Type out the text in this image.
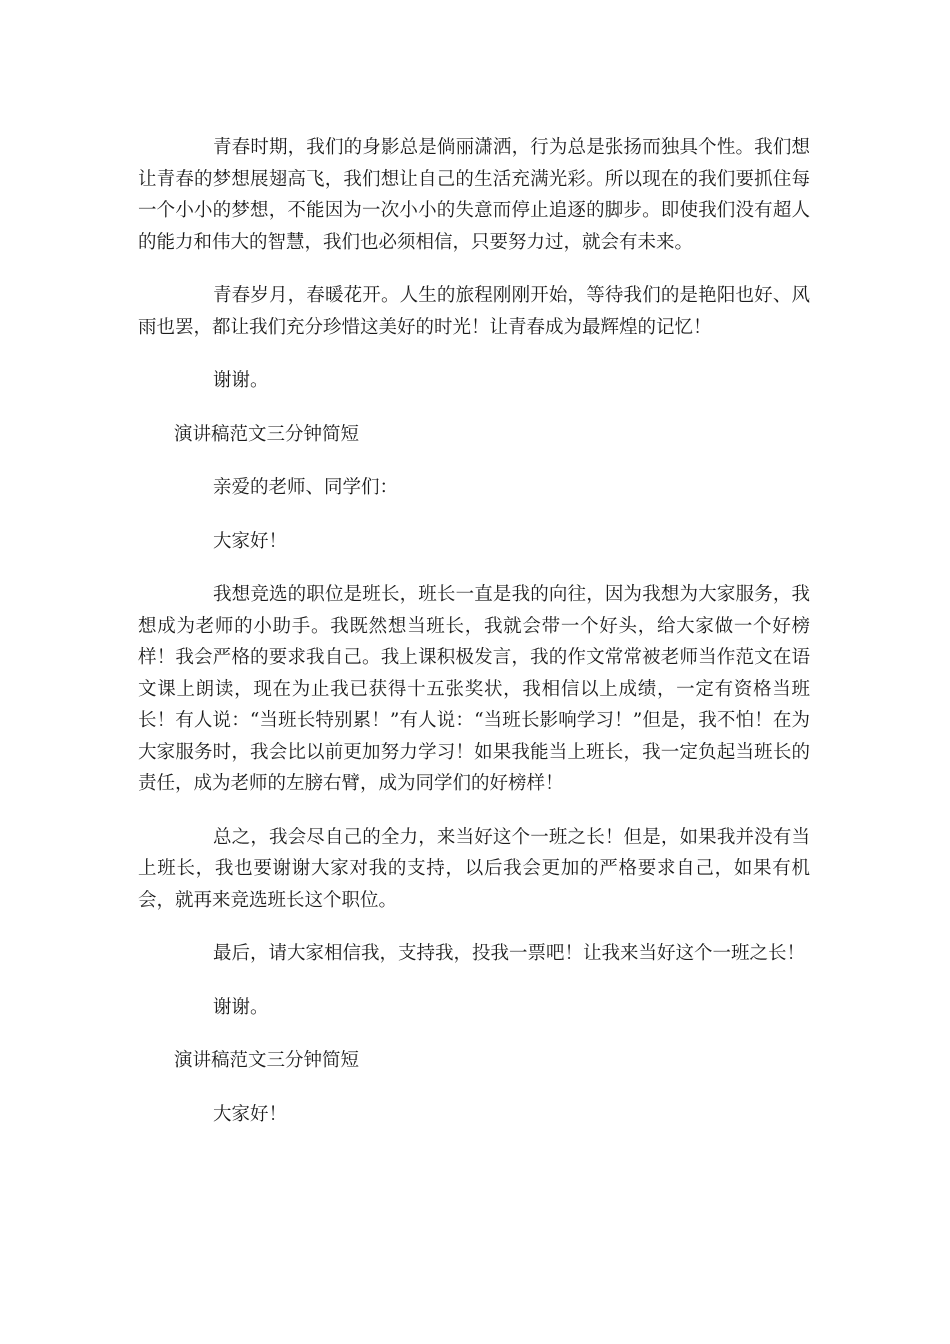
青春时期，我们的身影总是倘丽潇洒，行为总是张扬而独具个性。我们想让青春的梦想展翅高飞，我们想让自己的生活充满光彩。所以现在的我们要抓住每一个小小的梦想，不能因为一次小小的失意而停止追逐的脚步。即使我们没有超人的能力和伟大的智慧，我们也必须相信，只要努力过，就会有未来。

青春岁月，春暖花开。人生的旅程刚刚开始，等待我们的是艳阳也好、风雨也罢，都让我们充分珍惜这美好的时光！让青春成为最辉煌的记忆！

谢谢。

演讲稿范文三分钟简短

亲爱的老师、同学们：

大家好！

我想竞选的职位是班长，班长一直是我的向往，因为我想为大家服务，我想成为老师的小助手。我既然想当班长，我就会带一个好头，给大家做一个好榜样！我会严格的要求我自己。我上课积极发言，我的作文常常被老师当作范文在语文课上朗读，现在为止我已获得十五张奖状，我相信以上成绩，一定有资格当班长！有人说：“当班长特别累！”有人说：“当班长影响学习！”但是，我不怕！在为大家服务时，我会比以前更加努力学习！如果我能当上班长，我一定负起当班长的责任，成为老师的左膀右臂，成为同学们的好榜样！

总之，我会尽自己的全力，来当好这个一班之长！但是，如果我并没有当上班长，我也要谢谢大家对我的支持，以后我会更加的严格要求自己，如果有机会，就再来竞选班长这个职位。

最后，请大家相信我，支持我，投我一票吧！让我来当好这个一班之长！

谢谢。

演讲稿范文三分钟简短

大家好！
